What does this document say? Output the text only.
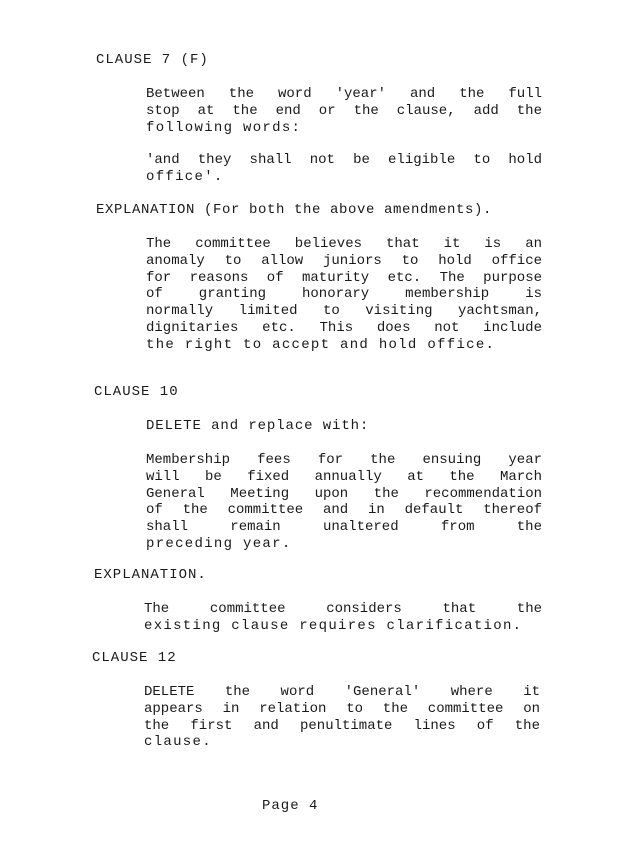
CLAUSE 7 (F)
Between the word 'year' and the full
stop at the end or the clause, add the
following words:
'and they shall not be eligible to hold
office'.
EXPLANATION (For both the above amendments).
The committee believes that it is an
anomaly to allow juniors to hold office
for reasons of maturity etc. The purpose
of granting honorary membership is
normally limited to visiting yachtsman,
dignitaries etc. This does not include
the right to accept and hold office.
CLAUSE 10
DELETE and replace with:
Membership fees for the ensuing year
will be fixed annually at the March
General Meeting upon the recommendation
of the committee and in default thereof
shall remain unaltered from the
preceding year.
EXPLANATION.
The committee considers that the
existing clause requires clarification.
CLAUSE 12
DELETE the word 'General' where it
appears in relation to the committee on
the first and penultimate lines of the
clause.

Page 4
